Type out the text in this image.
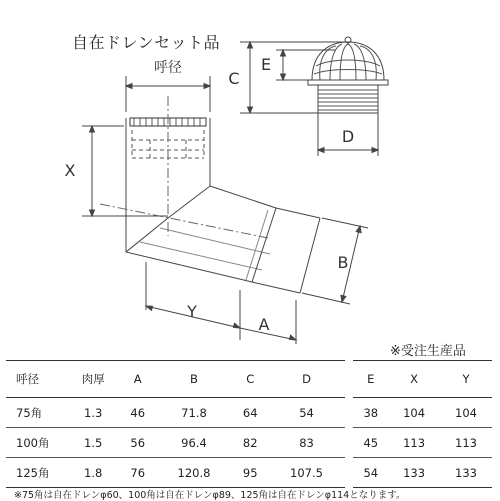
自在ドレンセット品
呼径
X
Y
A
B
C
E
D
※受注生産品
呼径	肉厚	A	B	C	D		E	X	Y
75角	1.3	46	71.8	64	54		38	104	104
100角	1.5	56	96.4	82	83		45	113	113
125角	1.8	76	120.8	95	107.5		54	133	133
※75角は自在ドレンφ60、100角は自在ドレンφ89、125角は自在ドレンφ114となります。
